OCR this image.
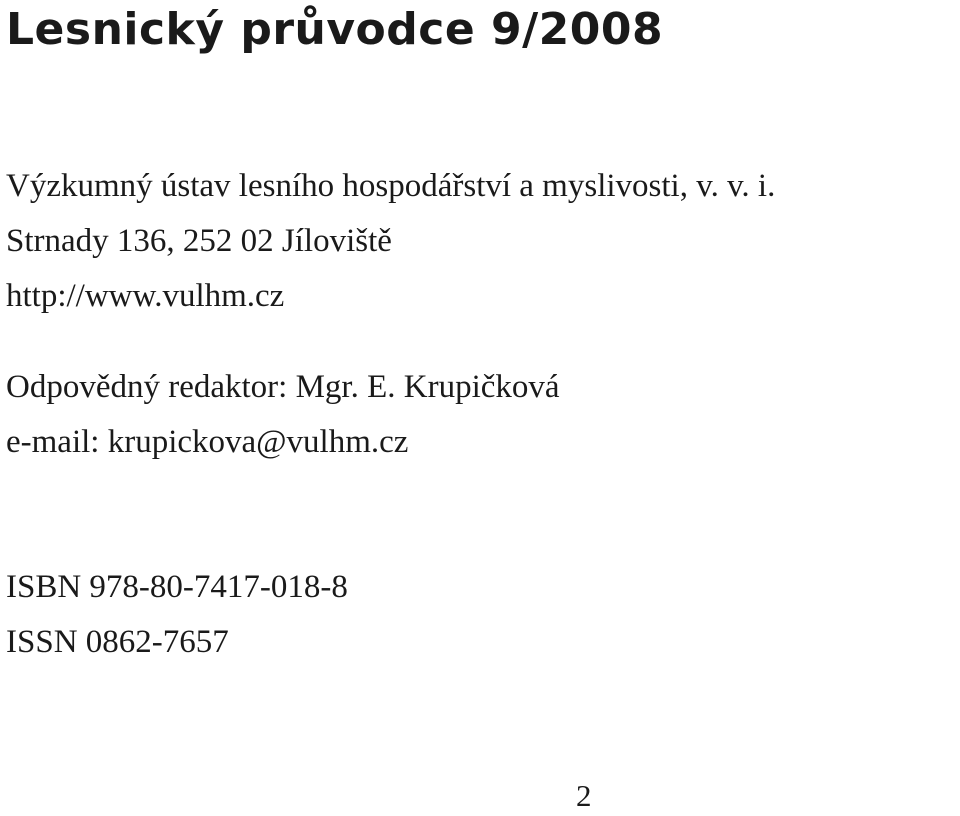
Lesnický průvodce 9/2008
Výzkumný ústav lesního hospodářství a myslivosti, v. v. i.
Strnady 136, 252 02 Jíloviště
http://www.vulhm.cz
Odpovědný redaktor: Mgr. E. Krupičková
e-mail: krupickova@vulhm.cz
ISBN 978-80-7417-018-8
ISSN 0862-7657
2
